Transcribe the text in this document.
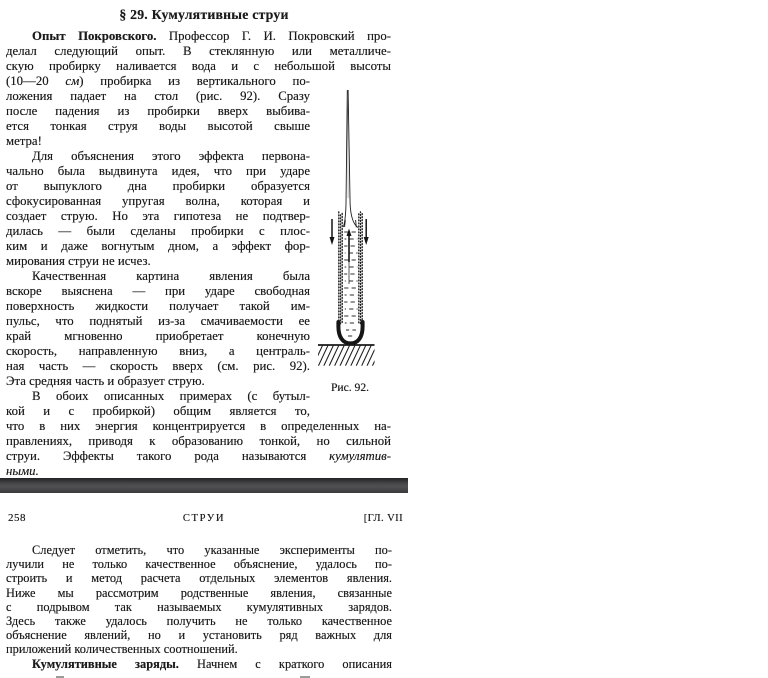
§ 29. Кумулятивные струи
Опыт Покровского. Профессор Г. И. Покровский про-
делал следующий опыт. В стеклянную или металличе-
скую пробирку наливается вода и с небольшой высоты
(10—20 см) пробирка из вертикального по-
ложения падает на стол (рис. 92). Сразу
после падения из пробирки вверх выбива-
ется тонкая струя воды высотой свыше
метра!
Для объяснения этого эффекта первона-
чально была выдвинута идея, что при ударе
от выпуклого дна пробирки образуется
сфокусированная упругая волна, которая и
создает струю. Но эта гипотеза не подтвер-
дилась — были сделаны пробирки с плос-
ким и даже вогнутым дном, а эффект фор-
мирования струи не исчез.
Качественная картина явления была
вскоре выяснена — при ударе свободная
поверхность жидкости получает такой им-
пульс, что поднятый из-за смачиваемости ее
край мгновенно приобретает конечную
скорость, направленную вниз, а централь-
ная часть — скорость вверх (см. рис. 92).
Эта средняя часть и образует струю.
В обоих описанных примерах (с бутыл-
кой и с пробиркой) общим является то,
что в них энергия концентрируется в определенных на-
правлениях, приводя к образованию тонкой, но сильной
струи. Эффекты такого рода называются кумулятив-
ными.
Рис. 92.
258	СТРУИ	[ГЛ. VII
Следует отметить, что указанные эксперименты по-
лучили не только качественное объяснение, удалось по-
строить и метод расчета отдельных элементов явления.
Ниже мы рассмотрим родственные явления, связанные
с подрывом так называемых кумулятивных зарядов.
Здесь также удалось получить не только качественное
объяснение явлений, но и установить ряд важных для
приложений количественных соотношений.
Кумулятивные заряды. Начнем с краткого описания
